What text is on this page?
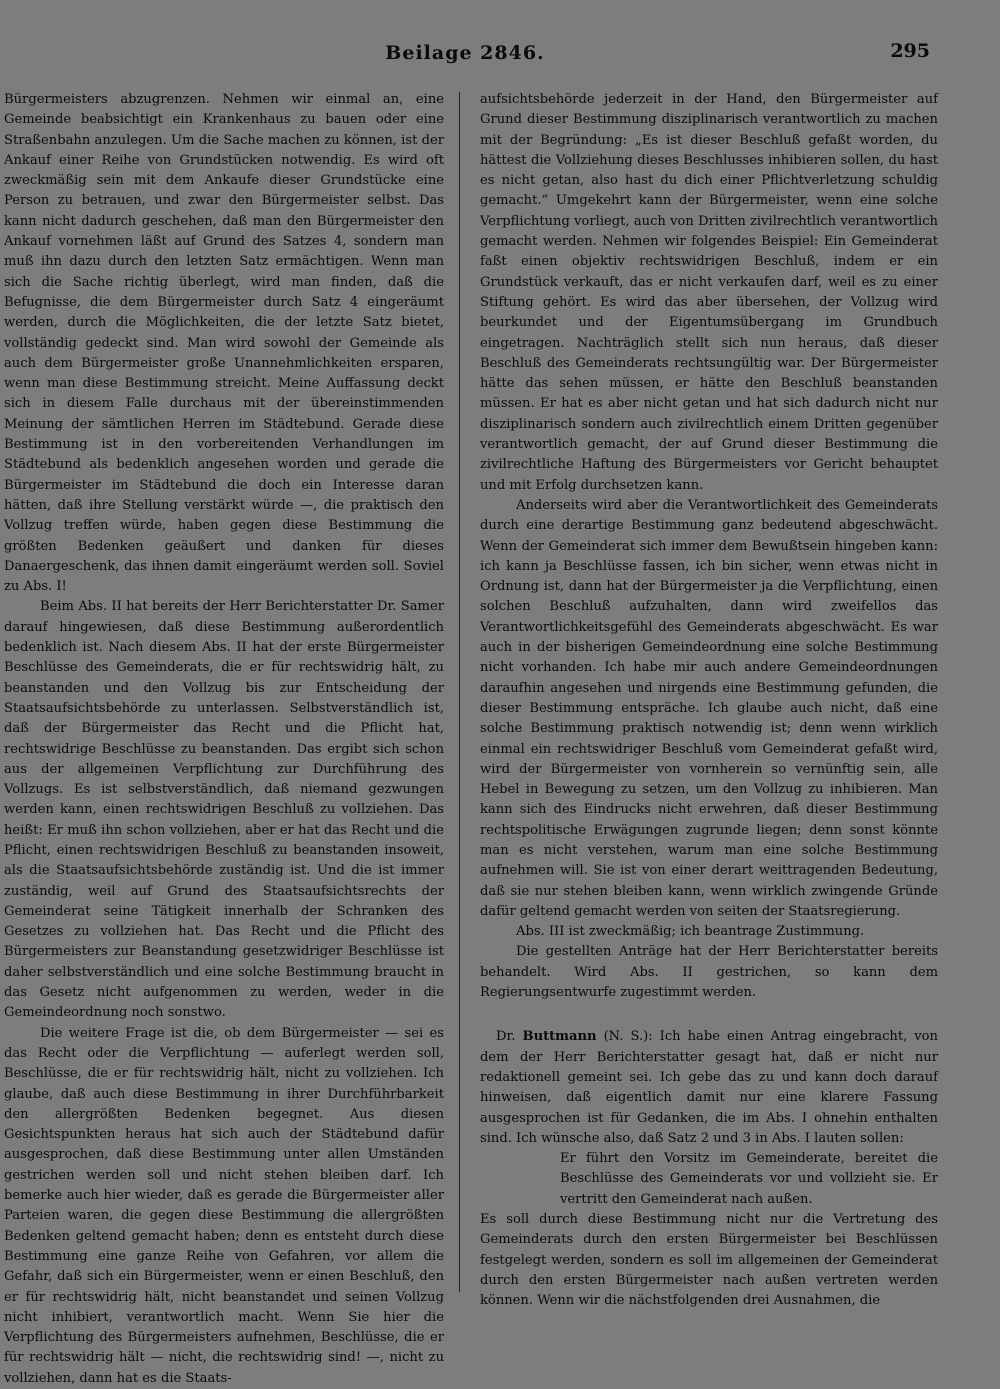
Beilage 2846.	295

Bürgermeisters abzugrenzen. Nehmen wir einmal an, eine Gemeinde beabsichtigt ein Krankenhaus zu bauen oder eine Straßenbahn anzulegen. Um die Sache machen zu können, ist der Ankauf einer Reihe von Grundstücken notwendig. Es wird oft zweckmäßig sein mit dem Ankaufe dieser Grundstücke eine Person zu betrauen, und zwar den Bürgermeister selbst. Das kann nicht dadurch geschehen, daß man den Bürgermeister den Ankauf vornehmen läßt auf Grund des Satzes 4, sondern man muß ihn dazu durch den letzten Satz ermächtigen. Wenn man sich die Sache richtig überlegt, wird man finden, daß die Befugnisse, die dem Bürgermeister durch Satz 4 eingeräumt werden, durch die Möglichkeiten, die der letzte Satz bietet, vollständig gedeckt sind. Man wird sowohl der Gemeinde als auch dem Bürgermeister große Unannehmlichkeiten ersparen, wenn man diese Bestimmung streicht. Meine Auffassung deckt sich in diesem Falle durchaus mit der übereinstimmenden Meinung der sämtlichen Herren im Städtebund. Gerade diese Bestimmung ist in den vorbereitenden Verhandlungen im Städtebund als bedenklich angesehen worden und gerade die Bürgermeister im Städtebund die doch ein Interesse daran hätten, daß ihre Stellung verstärkt würde —, die praktisch den Vollzug treffen würde, haben gegen diese Bestimmung die größten Bedenken geäußert und danken für dieses Danaergeschenk, das ihnen damit eingeräumt werden soll. Soviel zu Abs. I!

Beim Abs. II hat bereits der Herr Berichterstatter Dr. Samer darauf hingewiesen, daß diese Bestimmung außerordentlich bedenklich ist. Nach diesem Abs. II hat der erste Bürgermeister Beschlüsse des Gemeinderats, die er für rechtswidrig hält, zu beanstanden und den Vollzug bis zur Entscheidung der Staatsaufsichtsbehörde zu unterlassen. Selbstverständlich ist, daß der Bürgermeister das Recht und die Pflicht hat, rechtswidrige Beschlüsse zu beanstanden. Das ergibt sich schon aus der allgemeinen Verpflichtung zur Durchführung des Vollzugs. Es ist selbstverständlich, daß niemand gezwungen werden kann, einen rechtswidrigen Beschluß zu vollziehen. Das heißt: Er muß ihn schon vollziehen, aber er hat das Recht und die Pflicht, einen rechtswidrigen Beschluß zu beanstanden insoweit, als die Staatsaufsichtsbehörde zuständig ist. Und die ist immer zuständig, weil auf Grund des Staatsaufsichtsrechts der Gemeinderat seine Tätigkeit innerhalb der Schranken des Gesetzes zu vollziehen hat. Das Recht und die Pflicht des Bürgermeisters zur Beanstandung gesetzwidriger Beschlüsse ist daher selbstverständlich und eine solche Bestimmung braucht in das Gesetz nicht aufgenommen zu werden, weder in die Gemeindeordnung noch sonstwo.

Die weitere Frage ist die, ob dem Bürgermeister — sei es das Recht oder die Verpflichtung — auferlegt werden soll, Beschlüsse, die er für rechtswidrig hält, nicht zu vollziehen. Ich glaube, daß auch diese Bestimmung in ihrer Durchführbarkeit den allergrößten Bedenken begegnet. Aus diesen Gesichtspunkten heraus hat sich auch der Städtebund dafür ausgesprochen, daß diese Bestimmung unter allen Umständen gestrichen werden soll und nicht stehen bleiben darf. Ich bemerke auch hier wieder, daß es gerade die Bürgermeister aller Parteien waren, die gegen diese Bestimmung die allergrößten Bedenken geltend gemacht haben; denn es entsteht durch diese Bestimmung eine ganze Reihe von Gefahren, vor allem die Gefahr, daß sich ein Bürgermeister, wenn er einen Beschluß, den er für rechtswidrig hält, nicht beanstandet und seinen Vollzug nicht inhibiert, verantwortlich macht. Wenn Sie hier die Verpflichtung des Bürgermeisters aufnehmen, Beschlüsse, die er für rechtswidrig hält — nicht, die rechtswidrig sind! —, nicht zu vollziehen, dann hat es die Staats-

aufsichtsbehörde jederzeit in der Hand, den Bürgermeister auf Grund dieser Bestimmung disziplinarisch verantwortlich zu machen mit der Begründung: „Es ist dieser Beschluß gefaßt worden, du hättest die Vollziehung dieses Beschlusses inhibieren sollen, du hast es nicht getan, also hast du dich einer Pflichtverletzung schuldig gemacht.“ Umgekehrt kann der Bürgermeister, wenn eine solche Verpflichtung vorliegt, auch von Dritten zivilrechtlich verantwortlich gemacht werden. Nehmen wir folgendes Beispiel: Ein Gemeinderat faßt einen objektiv rechtswidrigen Beschluß, indem er ein Grundstück verkauft, das er nicht verkaufen darf, weil es zu einer Stiftung gehört. Es wird das aber übersehen, der Vollzug wird beurkundet und der Eigentumsübergang im Grundbuch eingetragen. Nachträglich stellt sich nun heraus, daß dieser Beschluß des Gemeinderats rechtsungültig war. Der Bürgermeister hätte das sehen müssen, er hätte den Beschluß beanstanden müssen. Er hat es aber nicht getan und hat sich dadurch nicht nur disziplinarisch sondern auch zivilrechtlich einem Dritten gegenüber verantwortlich gemacht, der auf Grund dieser Bestimmung die zivilrechtliche Haftung des Bürgermeisters vor Gericht behauptet und mit Erfolg durchsetzen kann.

Anderseits wird aber die Verantwortlichkeit des Gemeinderats durch eine derartige Bestimmung ganz bedeutend abgeschwächt. Wenn der Gemeinderat sich immer dem Bewußtsein hingeben kann: ich kann ja Beschlüsse fassen, ich bin sicher, wenn etwas nicht in Ordnung ist, dann hat der Bürgermeister ja die Verpflichtung, einen solchen Beschluß aufzuhalten, dann wird zweifellos das Verantwortlichkeitsgefühl des Gemeinderats abgeschwächt. Es war auch in der bisherigen Gemeindeordnung eine solche Bestimmung nicht vorhanden. Ich habe mir auch andere Gemeindeordnungen daraufhin angesehen und nirgends eine Bestimmung gefunden, die dieser Bestimmung entspräche. Ich glaube auch nicht, daß eine solche Bestimmung praktisch notwendig ist; denn wenn wirklich einmal ein rechtswidriger Beschluß vom Gemeinderat gefaßt wird, wird der Bürgermeister von vornherein so vernünftig sein, alle Hebel in Bewegung zu setzen, um den Vollzug zu inhibieren. Man kann sich des Eindrucks nicht erwehren, daß dieser Bestimmung rechtspolitische Erwägungen zugrunde liegen; denn sonst könnte man es nicht verstehen, warum man eine solche Bestimmung aufnehmen will. Sie ist von einer derart weittragenden Bedeutung, daß sie nur stehen bleiben kann, wenn wirklich zwingende Gründe dafür geltend gemacht werden von seiten der Staatsregierung.

Abs. III ist zweckmäßig; ich beantrage Zustimmung.

Die gestellten Anträge hat der Herr Berichterstatter bereits behandelt. Wird Abs. II gestrichen, so kann dem Regierungsentwurfe zugestimmt werden.

Dr. Buttmann (N. S.): Ich habe einen Antrag eingebracht, von dem der Herr Berichterstatter gesagt hat, daß er nicht nur redaktionell gemeint sei. Ich gebe das zu und kann doch darauf hinweisen, daß eigentlich damit nur eine klarere Fassung ausgesprochen ist für Gedanken, die im Abs. I ohnehin enthalten sind. Ich wünsche also, daß Satz 2 und 3 in Abs. I lauten sollen:

Er führt den Vorsitz im Gemeinderate, bereitet die Beschlüsse des Gemeinderats vor und vollzieht sie. Er vertritt den Gemeinderat nach außen.

Es soll durch diese Bestimmung nicht nur die Vertretung des Gemeinderats durch den ersten Bürgermeister bei Beschlüssen festgelegt werden, sondern es soll im allgemeinen der Gemeinderat durch den ersten Bürgermeister nach außen vertreten werden können. Wenn wir die nächstfolgenden drei Ausnahmen, die
